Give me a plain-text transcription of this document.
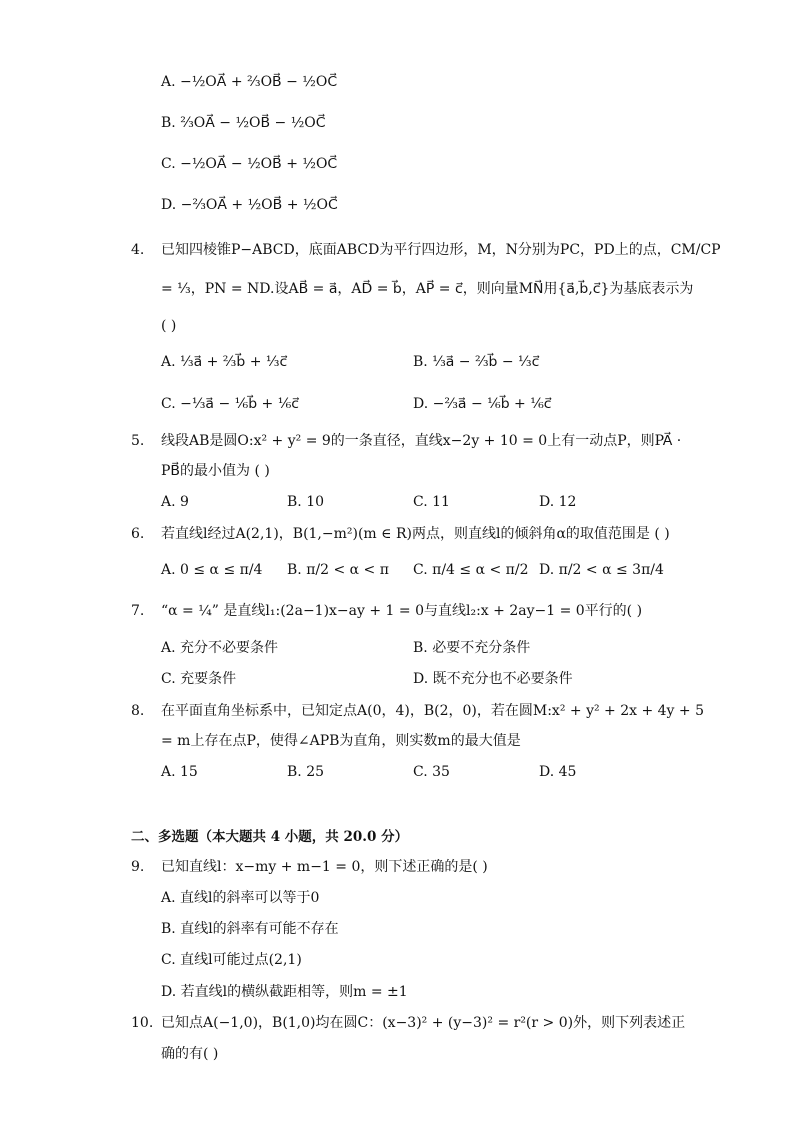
A. −½OA⃗ + ⅔OB⃗ − ½OC⃗
B. ⅔OA⃗ − ½OB⃗ − ½OC⃗
C. −½OA⃗ − ½OB⃗ + ½OC⃗
D. −⅔OA⃗ + ½OB⃗ + ½OC⃗
4. 已知四棱锥P−ABCD，底面ABCD为平行四边形，M，N分别为PC，PD上的点，CM/CP
= ⅓，PN = ND.设AB⃗ = a⃗，AD⃗ = b⃗，AP⃗ = c⃗，则向量MN⃗用{a⃗,b⃗,c⃗}为基底表示为
( )
A. ⅓a⃗ + ⅔b⃗ + ⅓c⃗	B. ⅓a⃗ − ⅔b⃗ − ⅓c⃗
C. −⅓a⃗ − ⅙b⃗ + ⅙c⃗	D. −⅔a⃗ − ⅙b⃗ + ⅙c⃗
5. 线段AB是圆O:x² + y² = 9的一条直径，直线x−2y + 10 = 0上有一动点P，则PA⃗ ·
PB⃗的最小值为 ( )
A. 9	B. 10	C. 11	D. 12
6. 若直线l经过A(2,1)，B(1,−m²)(m ∈ R)两点，则直线l的倾斜角α的取值范围是 ( )
A. 0 ≤ α ≤ π/4 B. π/2 < α < π C. π/4 ≤ α < π/2 D. π/2 < α ≤ 3π/4
7. “α = ¼” 是直线l₁:(2a−1)x−ay + 1 = 0与直线l₂:x + 2ay−1 = 0平行的( )
A. 充分不必要条件	B. 必要不充分条件
C. 充要条件	D. 既不充分也不必要条件
8. 在平面直角坐标系中，已知定点A(0，4)，B(2，0)，若在圆M:x² + y² + 2x + 4y + 5
= m上存在点P，使得∠APB为直角，则实数m的最大值是
A. 15	B. 25	C. 35	D. 45
二、多选题（本大题共 4 小题，共 20.0 分）
9. 已知直线l：x−my + m−1 = 0，则下述正确的是( )
A. 直线l的斜率可以等于0
B. 直线l的斜率有可能不存在
C. 直线l可能过点(2,1)
D. 若直线l的横纵截距相等，则m = ±1
10. 已知点A(−1,0)，B(1,0)均在圆C：(x−3)² + (y−3)² = r²(r > 0)外，则下列表述正
确的有( )
